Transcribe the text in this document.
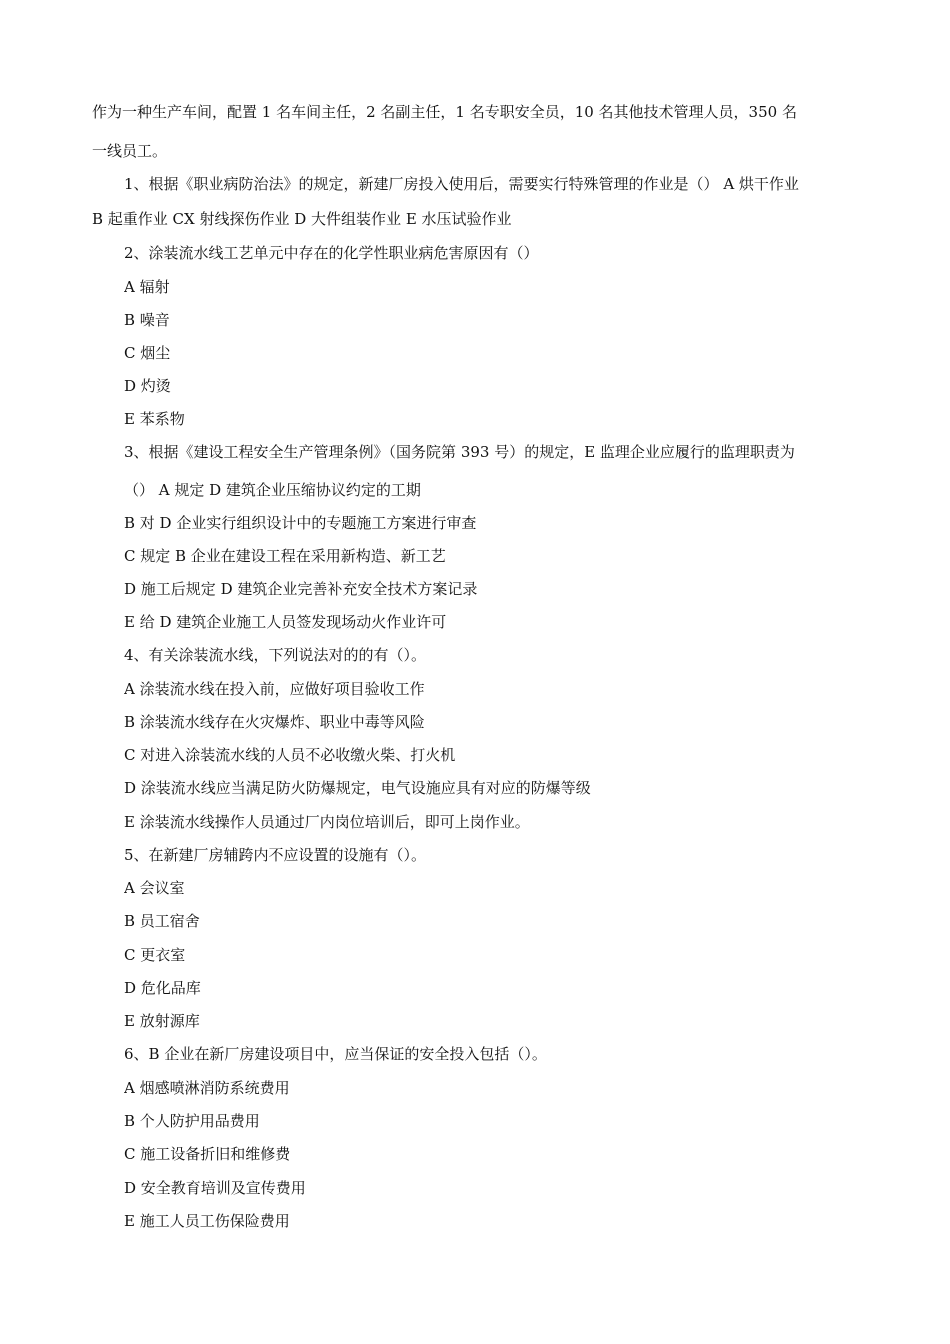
作为一种生产车间，配置 1 名车间主任，2 名副主任，1 名专职安全员，10 名其他技术管理人员，350 名
一线员工。
1、根据《职业病防治法》的规定，新建厂房投入使用后，需要实行特殊管理的作业是（） A 烘干作业
B 起重作业 CX 射线探伤作业 D 大件组装作业 E 水压试验作业
2、涂装流水线工艺单元中存在的化学性职业病危害原因有（）
A 辐射
B 噪音
C 烟尘
D 灼烫
E 苯系物
3、根据《建设工程安全生产管理条例》（国务院第 393 号）的规定，E 监理企业应履行的监理职责为
（） A 规定 D 建筑企业压缩协议约定的工期
B 对 D 企业实行组织设计中的专题施工方案进行审查
C 规定 B 企业在建设工程在采用新构造、新工艺
D 施工后规定 D 建筑企业完善补充安全技术方案记录
E 给 D 建筑企业施工人员签发现场动火作业许可
4、有关涂装流水线，下列说法对的的有（）。
A 涂装流水线在投入前，应做好项目验收工作
B 涂装流水线存在火灾爆炸、职业中毒等风险
C 对进入涂装流水线的人员不必收缴火柴、打火机
D 涂装流水线应当满足防火防爆规定，电气设施应具有对应的防爆等级
E 涂装流水线操作人员通过厂内岗位培训后，即可上岗作业。
5、在新建厂房辅跨内不应设置的设施有（）。
A 会议室
B 员工宿舍
C 更衣室
D 危化品库
E 放射源库
6、B 企业在新厂房建设项目中，应当保证的安全投入包括（）。
A 烟感喷淋消防系统费用
B 个人防护用品费用
C 施工设备折旧和维修费
D 安全教育培训及宣传费用
E 施工人员工伤保险费用
